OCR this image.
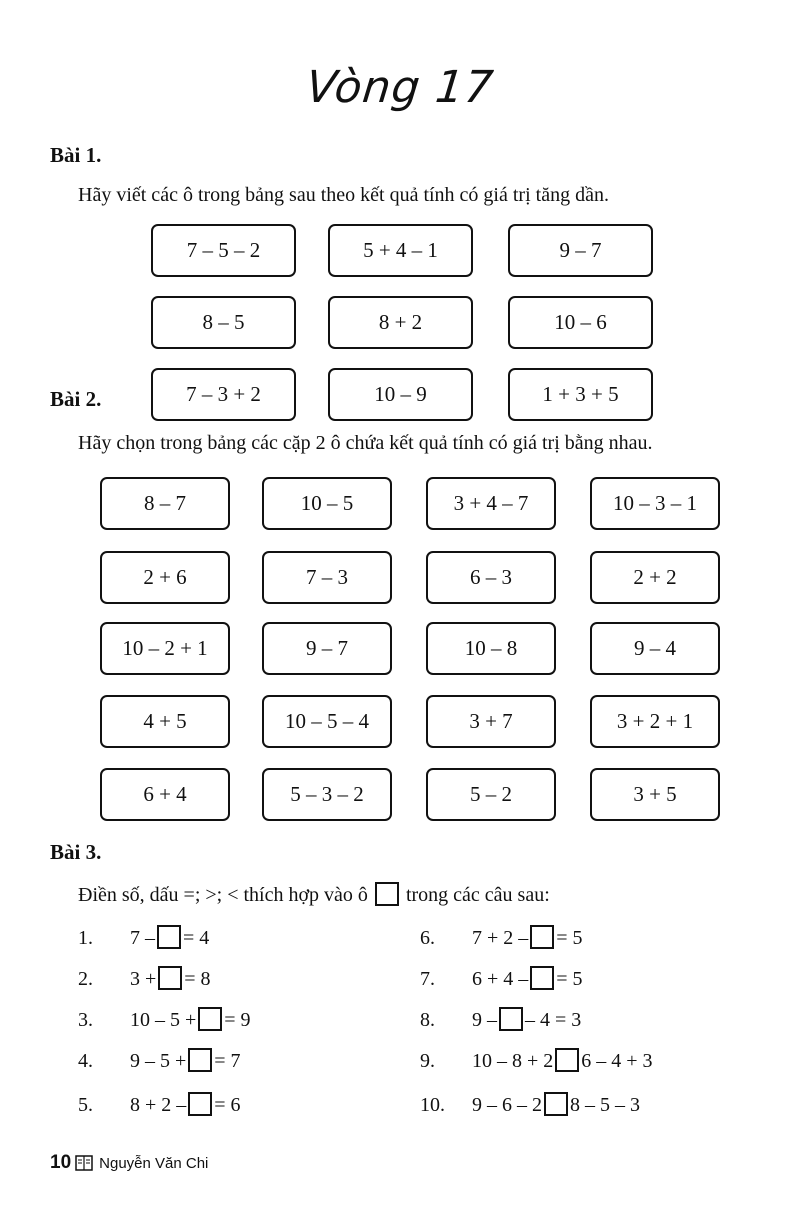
Vòng 17
Bài 1.
Hãy viết các ô trong bảng sau theo kết quả tính có giá trị tăng dần.
7 – 5 – 2	5 + 4 – 1	9 – 7
8 – 5	8 + 2	10 – 6
7 – 3 + 2	10 – 9	1 + 3 + 5
Bài 2.
Hãy chọn trong bảng các cặp 2 ô chứa kết quả tính có giá trị bằng nhau.
8 – 7	10 – 5	3 + 4 – 7	10 – 3 – 1
2 + 6	7 – 3	6 – 3	2 + 2
10 – 2 + 1	9 – 7	10 – 8	9 – 4
4 + 5	10 – 5 – 4	3 + 7	3 + 2 + 1
6 + 4	5 – 3 – 2	5 – 2	3 + 5
Bài 3.
Điền số, dấu =; >; < thích hợp vào ô trong các câu sau:
1. 7 – = 4
2. 3 + = 8
3. 10 – 5 + = 9
4. 9 – 5 + = 7
5. 8 + 2 – = 6
6. 7 + 2 – = 5
7. 6 + 4 – = 5
8. 9 – – 4 = 3
9. 10 – 8 + 2 6 – 4 + 3
10. 9 – 6 – 2 8 – 5 – 3
10 Nguyễn Văn Chi
